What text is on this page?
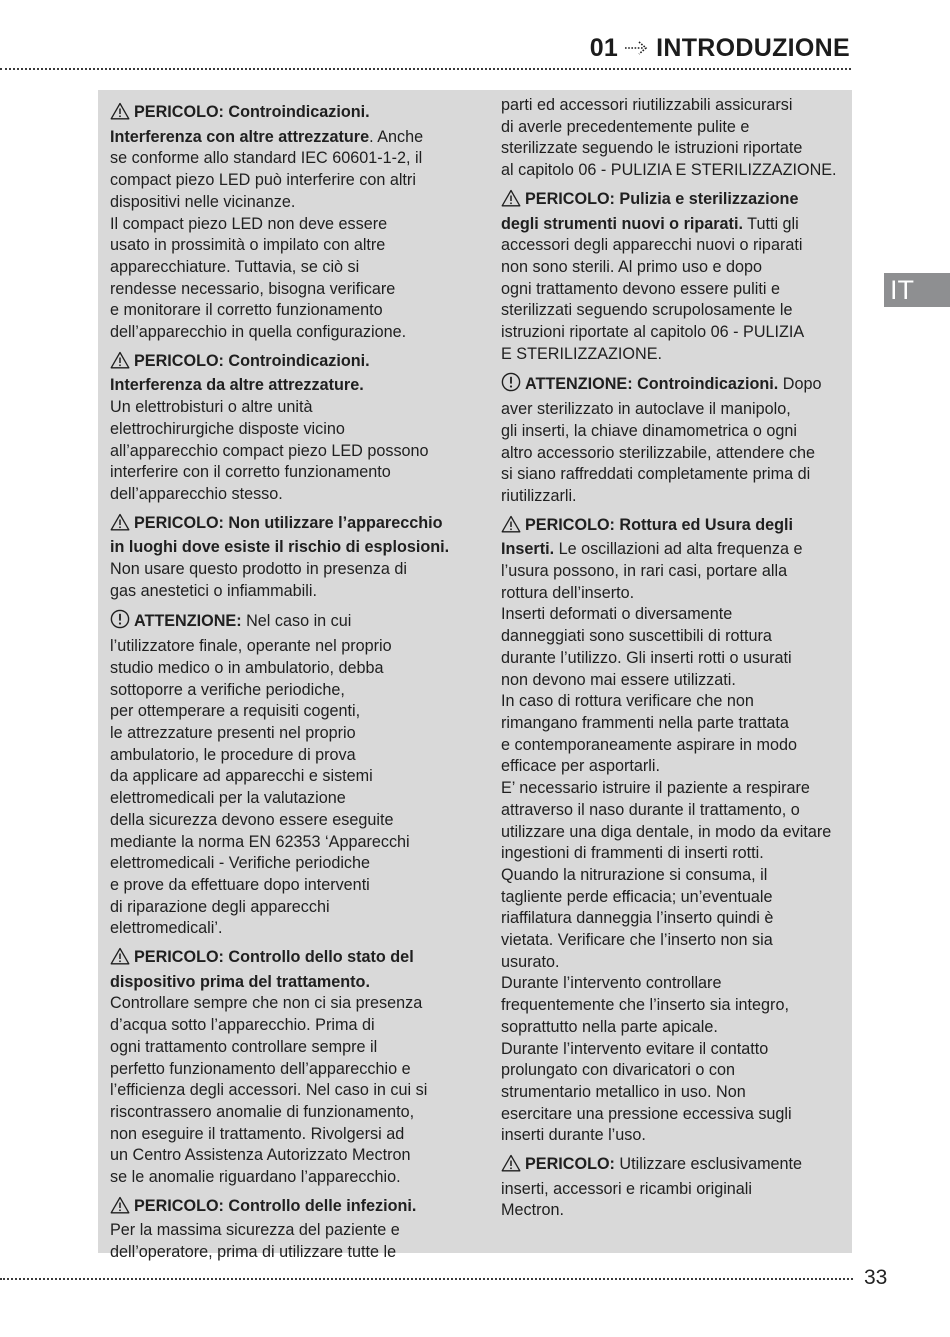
01 INTRODUZIONE
IT
PERICOLO: Controindicazioni.
Interferenza con altre attrezzature. Anche
se conforme allo standard IEC 60601-1-2, il
compact piezo LED può interferire con altri
dispositivi nelle vicinanze.
Il compact piezo LED non deve essere
usato in prossimità o impilato con altre
apparecchiature. Tuttavia, se ciò si
rendesse necessario, bisogna verificare
e monitorare il corretto funzionamento
dell’apparecchio in quella configurazione.
PERICOLO: Controindicazioni.
Interferenza da altre attrezzature.
Un elettrobisturi o altre unità
elettrochirurgiche disposte vicino
all’apparecchio compact piezo LED possono
interferire con il corretto funzionamento
dell’apparecchio stesso.
PERICOLO: Non utilizzare l’apparecchio
in luoghi dove esiste il rischio di esplosioni.
Non usare questo prodotto in presenza di
gas anestetici o infiammabili.
ATTENZIONE: Nel caso in cui
l’utilizzatore finale, operante nel proprio
studio medico o in ambulatorio, debba
sottoporre a verifiche periodiche,
per ottemperare a requisiti cogenti,
le attrezzature presenti nel proprio
ambulatorio, le procedure di prova
da applicare ad apparecchi e sistemi
elettromedicali per la valutazione
della sicurezza devono essere eseguite
mediante la norma EN 62353 ‘Apparecchi
elettromedicali - Verifiche periodiche
e prove da effettuare dopo interventi
di riparazione degli apparecchi
elettromedicali’.
PERICOLO: Controllo dello stato del
dispositivo prima del trattamento.
Controllare sempre che non ci sia presenza
d’acqua sotto l’apparecchio. Prima di
ogni trattamento controllare sempre il
perfetto funzionamento dell’apparecchio e
l’efficienza degli accessori. Nel caso in cui si
riscontrassero anomalie di funzionamento,
non eseguire il trattamento. Rivolgersi ad
un Centro Assistenza Autorizzato Mectron
se le anomalie riguardano l’apparecchio.
PERICOLO: Controllo delle infezioni.
Per la massima sicurezza del paziente e
dell’operatore, prima di utilizzare tutte le
parti ed accessori riutilizzabili assicurarsi
di averle precedentemente pulite e
sterilizzate seguendo le istruzioni riportate
al capitolo 06 - PULIZIA E STERILIZZAZIONE.
PERICOLO: Pulizia e sterilizzazione
degli strumenti nuovi o riparati. Tutti gli
accessori degli apparecchi nuovi o riparati
non sono sterili. Al primo uso e dopo
ogni trattamento devono essere puliti e
sterilizzati seguendo scrupolosamente le
istruzioni riportate al capitolo 06 - PULIZIA
E STERILIZZAZIONE.
ATTENZIONE: Controindicazioni. Dopo
aver sterilizzato in autoclave il manipolo,
gli inserti, la chiave dinamometrica o ogni
altro accessorio sterilizzabile, attendere che
si siano raffreddati completamente prima di
riutilizzarli.
PERICOLO: Rottura ed Usura degli
Inserti. Le oscillazioni ad alta frequenza e
l’usura possono, in rari casi, portare alla
rottura dell’inserto.
Inserti deformati o diversamente
danneggiati sono suscettibili di rottura
durante l’utilizzo. Gli inserti rotti o usurati
non devono mai essere utilizzati.
In caso di rottura verificare che non
rimangano frammenti nella parte trattata
e contemporaneamente aspirare in modo
efficace per asportarli.
E’ necessario istruire il paziente a respirare
attraverso il naso durante il trattamento, o
utilizzare una diga dentale, in modo da evitare
ingestioni di frammenti di inserti rotti.
Quando la nitrurazione si consuma, il
tagliente perde efficacia; un’eventuale
riaffilatura danneggia l’inserto quindi è
vietata. Verificare che l’inserto non sia
usurato.
Durante l’intervento controllare
frequentemente che l’inserto sia integro,
soprattutto nella parte apicale.
Durante l’intervento evitare il contatto
prolungato con divaricatori o con
strumentario metallico in uso. Non
esercitare una pressione eccessiva sugli
inserti durante l’uso.
PERICOLO: Utilizzare esclusivamente
inserti, accessori e ricambi originali
Mectron.
33
